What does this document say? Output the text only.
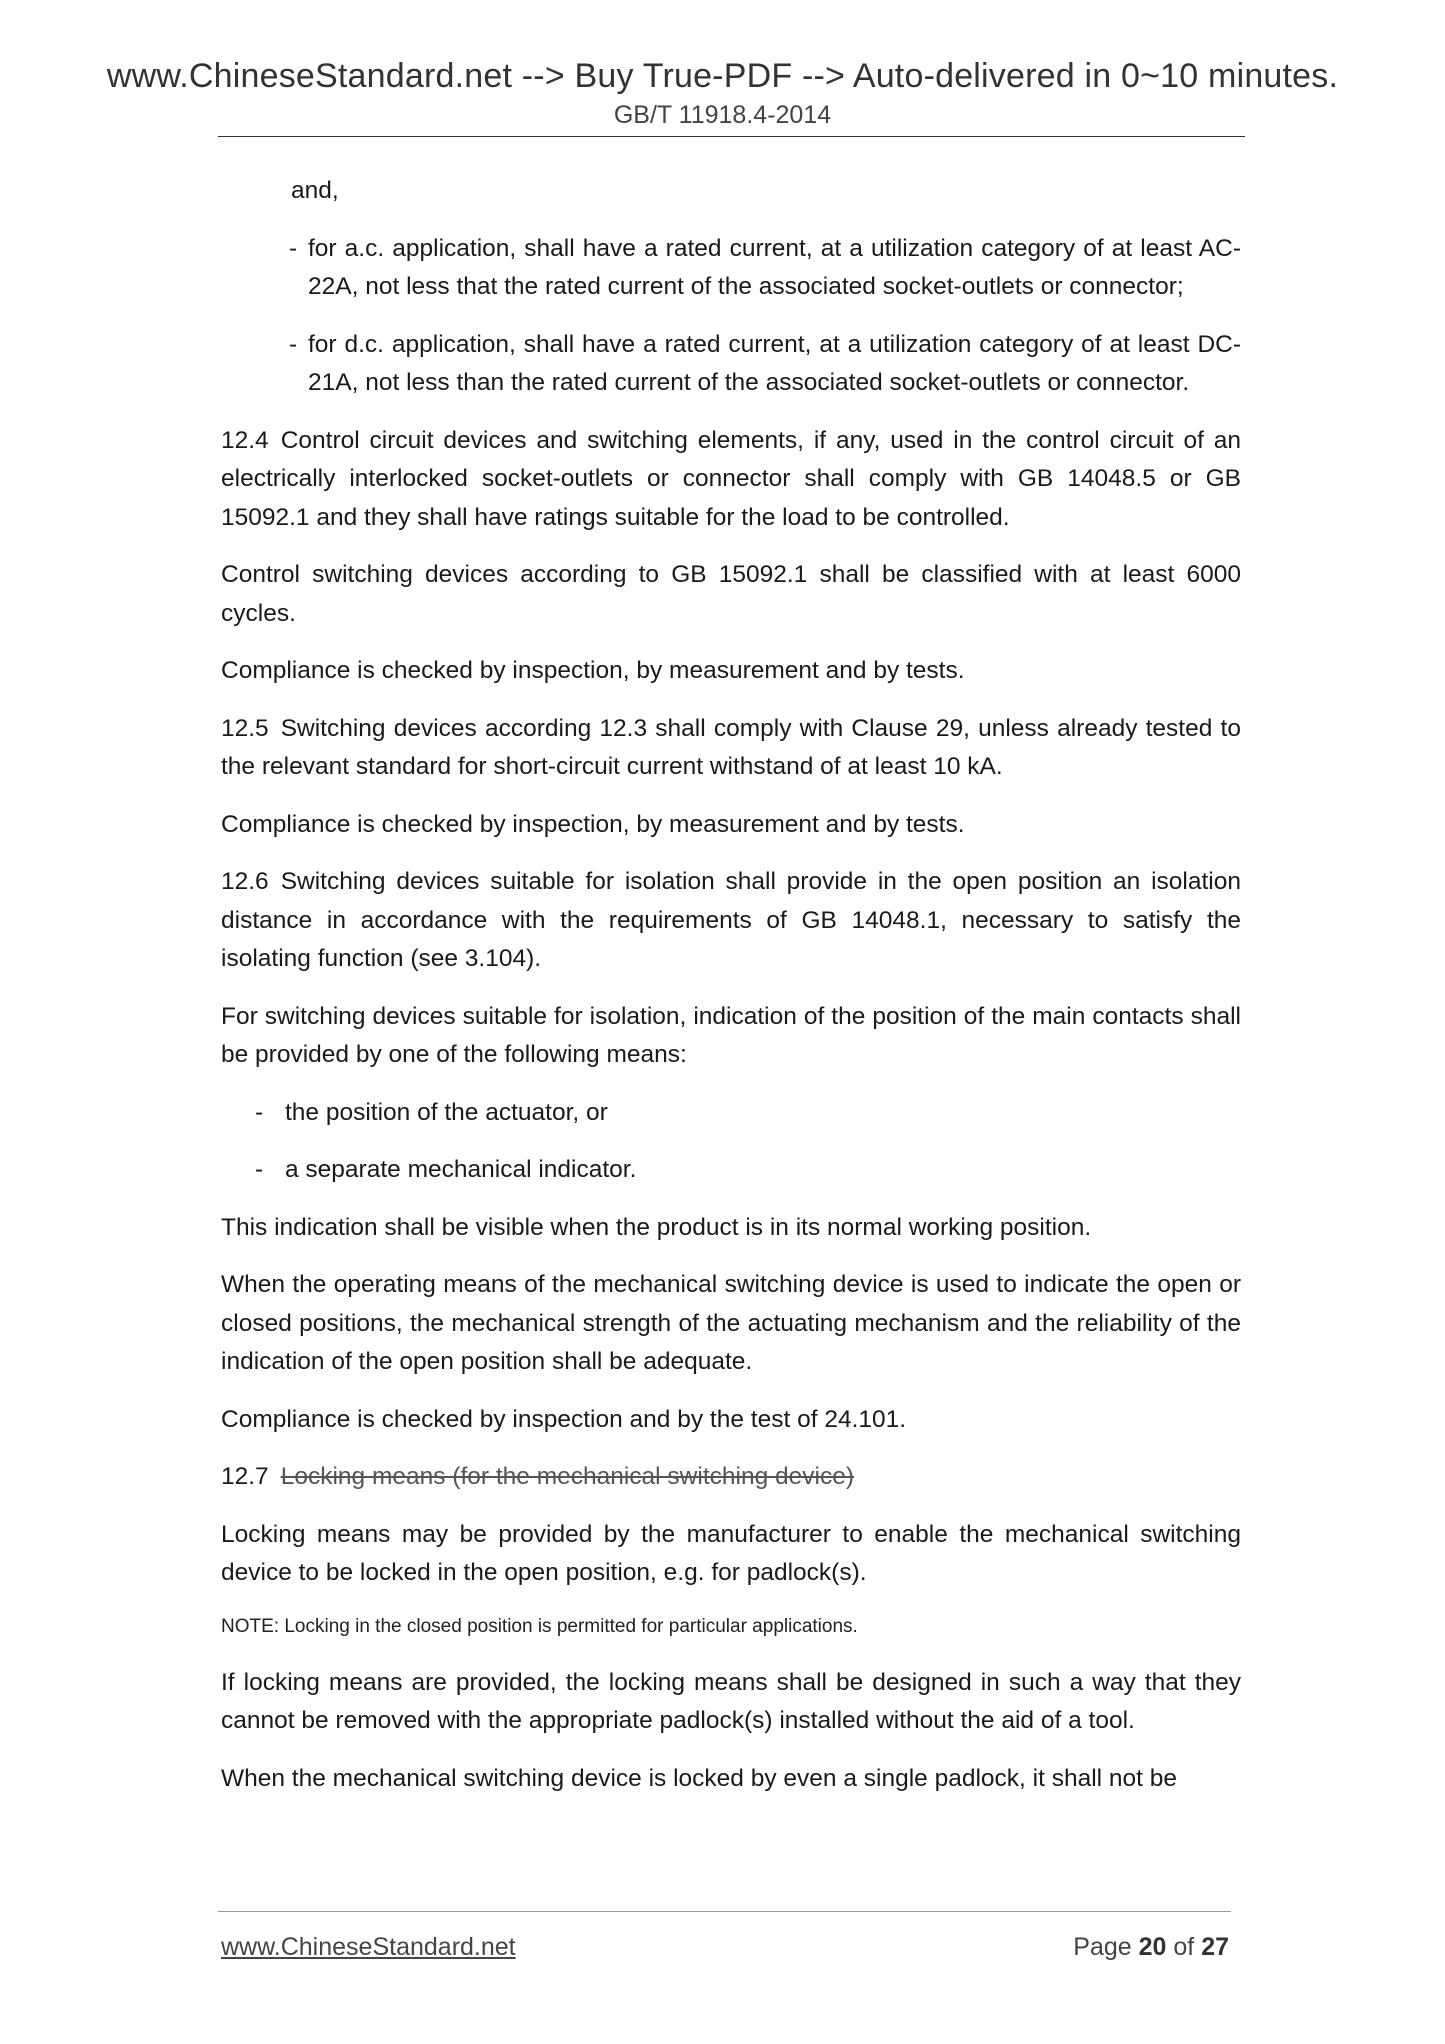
www.ChineseStandard.net --> Buy True-PDF --> Auto-delivered in 0~10 minutes.
GB/T 11918.4-2014
and,
- for a.c. application, shall have a rated current, at a utilization category of at least AC-22A, not less that the rated current of the associated socket-outlets or connector;
- for d.c. application, shall have a rated current, at a utilization category of at least DC-21A, not less than the rated current of the associated socket-outlets or connector.

12.4 Control circuit devices and switching elements, if any, used in the control circuit of an electrically interlocked socket-outlets or connector shall comply with GB 14048.5 or GB 15092.1 and they shall have ratings suitable for the load to be controlled.

Control switching devices according to GB 15092.1 shall be classified with at least 6000 cycles.

Compliance is checked by inspection, by measurement and by tests.

12.5 Switching devices according 12.3 shall comply with Clause 29, unless already tested to the relevant standard for short-circuit current withstand of at least 10 kA.

Compliance is checked by inspection, by measurement and by tests.

12.6 Switching devices suitable for isolation shall provide in the open position an isolation distance in accordance with the requirements of GB 14048.1, necessary to satisfy the isolating function (see 3.104).

For switching devices suitable for isolation, indication of the position of the main contacts shall be provided by one of the following means:

- the position of the actuator, or
- a separate mechanical indicator.

This indication shall be visible when the product is in its normal working position.

When the operating means of the mechanical switching device is used to indicate the open or closed positions, the mechanical strength of the actuating mechanism and the reliability of the indication of the open position shall be adequate.

Compliance is checked by inspection and by the test of 24.101.

12.7 Locking means (for the mechanical switching device)

Locking means may be provided by the manufacturer to enable the mechanical switching device to be locked in the open position, e.g. for padlock(s).

NOTE: Locking in the closed position is permitted for particular applications.

If locking means are provided, the locking means shall be designed in such a way that they cannot be removed with the appropriate padlock(s) installed without the aid of a tool.

When the mechanical switching device is locked by even a single padlock, it shall not be

www.ChineseStandard.net	Page 20 of 27
